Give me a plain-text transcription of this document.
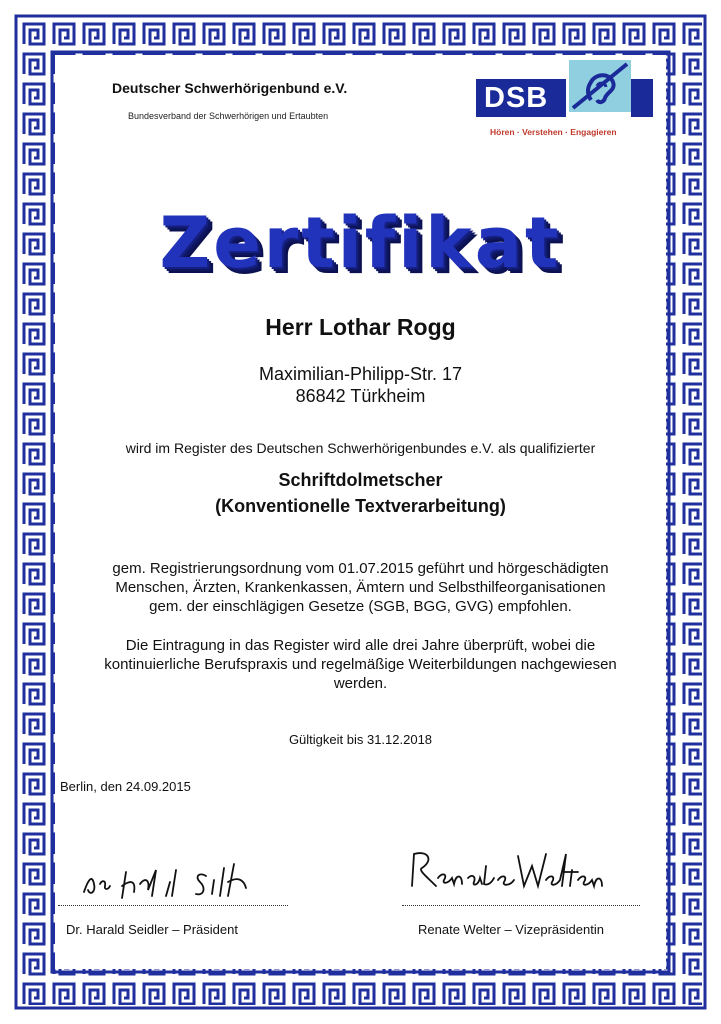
Deutscher Schwerhörigenbund e.V.
Bundesverband der Schwerhörigen und Ertaubten
DSB
Hören · Verstehen · Engagieren
Zertifikat
Herr Lothar Rogg
Maximilian-Philipp-Str. 17
86842 Türkheim
wird im Register des Deutschen Schwerhörigenbundes e.V. als qualifizierter
Schriftdolmetscher
(Konventionelle Textverarbeitung)
gem. Registrierungsordnung vom 01.07.2015 geführt und hörgeschädigten
Menschen, Ärzten, Krankenkassen, Ämtern und Selbsthilfeorganisationen
gem. der einschlägigen Gesetze (SGB, BGG, GVG) empfohlen.
Die Eintragung in das Register wird alle drei Jahre überprüft, wobei die
kontinuierliche Berufspraxis und regelmäßige Weiterbildungen nachgewiesen
werden.
Gültigkeit bis 31.12.2018
Berlin, den 24.09.2015
Dr. Harald Seidler – Präsident	Renate Welter – Vizepräsidentin
